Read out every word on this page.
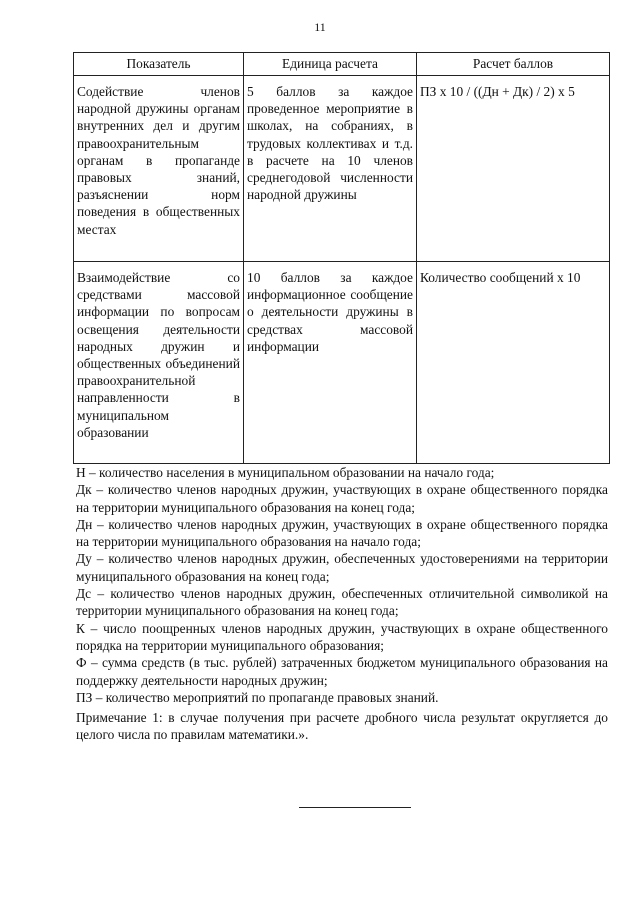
11
Показатель	Единица расчета	Расчет баллов
Содействие членов народной дружины органам внутренних дел и другим правоохранительным органам в пропаганде правовых знаний, разъяснении норм поведения в общественных местах	5 баллов за каждое проведенное мероприятие в школах, на собраниях, в трудовых коллективах и т.д. в расчете на 10 членов среднегодовой численности народной дружины	ПЗ х 10 / ((Дн + Дк) / 2) х 5
Взаимодействие со средствами массовой информации по вопросам освещения деятельности народных дружин и общественных объединений правоохранительной направленности в муниципальном образовании	10 баллов за каждое информационное сообщение о деятельности дружины в средствах массовой информации	Количество сообщений х 10

Н – количество населения в муниципальном образовании на начало года;

Дк – количество членов народных дружин, участвующих в охране общественного порядка на территории муниципального образования на конец года;

Дн – количество членов народных дружин, участвующих в охране общественного порядка на территории муниципального образования на начало года;

Ду – количество членов народных дружин, обеспеченных удостоверениями на территории муниципального образования на конец года;

Дс – количество членов народных дружин, обеспеченных отличительной символикой на территории муниципального образования на конец года;

К – число поощренных членов народных дружин, участвующих в охране общественного порядка на территории муниципального образования;

Ф – сумма средств (в тыс. рублей) затраченных бюджетом муниципального образования на поддержку деятельности народных дружин;

ПЗ – количество мероприятий по пропаганде правовых знаний.

Примечание 1: в случае получения при расчете дробного числа результат округляется до целого числа по правилам математики.».
